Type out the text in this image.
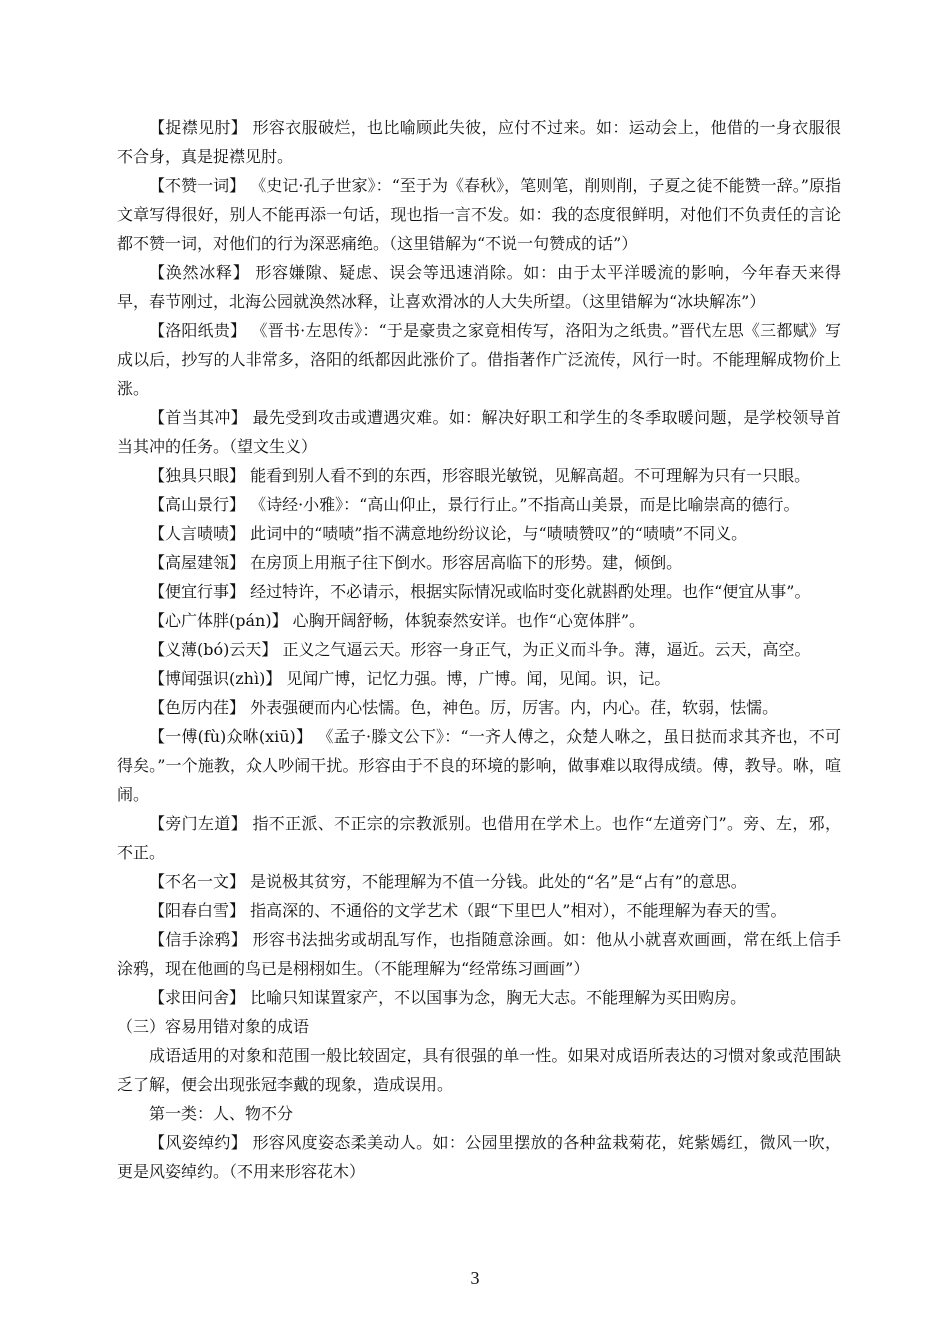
【捉襟见肘】 形容衣服破烂，也比喻顾此失彼，应付不过来。如：运动会上，他借的一身衣服很不合身，真是捉襟见肘。

【不赞一词】 《史记·孔子世家》：“至于为《春秋》，笔则笔，削则削，子夏之徒不能赞一辞。”原指文章写得很好，别人不能再添一句话，现也指一言不发。如：我的态度很鲜明，对他们不负责任的言论都不赞一词，对他们的行为深恶痛绝。（这里错解为“不说一句赞成的话”）

【涣然冰释】 形容嫌隙、疑虑、误会等迅速消除。如：由于太平洋暖流的影响，今年春天来得早，春节刚过，北海公园就涣然冰释，让喜欢滑冰的人大失所望。（这里错解为“冰块解冻”）

【洛阳纸贵】 《晋书·左思传》：“于是豪贵之家竟相传写，洛阳为之纸贵。”晋代左思《三都赋》写成以后，抄写的人非常多，洛阳的纸都因此涨价了。借指著作广泛流传，风行一时。不能理解成物价上涨。

【首当其冲】 最先受到攻击或遭遇灾难。如：解决好职工和学生的冬季取暖问题，是学校领导首当其冲的任务。（望文生义）

【独具只眼】 能看到别人看不到的东西，形容眼光敏锐，见解高超。不可理解为只有一只眼。

【高山景行】 《诗经·小雅》：“高山仰止，景行行止。”不指高山美景，而是比喻崇高的德行。

【人言啧啧】 此词中的“啧啧”指不满意地纷纷议论，与“啧啧赞叹”的“啧啧”不同义。

【高屋建瓴】 在房顶上用瓶子往下倒水。形容居高临下的形势。建，倾倒。

【便宜行事】 经过特许，不必请示，根据实际情况或临时变化就斟酌处理。也作“便宜从事”。

【心广体胖(pán)】 心胸开阔舒畅，体貌泰然安详。也作“心宽体胖”。

【义薄(bó)云天】 正义之气逼云天。形容一身正气，为正义而斗争。薄，逼近。云天，高空。

【博闻强识(zhì)】 见闻广博，记忆力强。博，广博。闻，见闻。识，记。

【色厉内荏】 外表强硬而内心怯懦。色，神色。厉，厉害。内，内心。荏，软弱，怯懦。

【一傅(fù)众咻(xiū)】 《孟子·滕文公下》：“一齐人傅之，众楚人咻之，虽日挞而求其齐也，不可得矣。”一个施教，众人吵闹干扰。形容由于不良的环境的影响，做事难以取得成绩。傅，教导。咻，喧闹。

【旁门左道】 指不正派、不正宗的宗教派别。也借用在学术上。也作“左道旁门”。旁、左，邪，不正。

【不名一文】 是说极其贫穷，不能理解为不值一分钱。此处的“名”是“占有”的意思。

【阳春白雪】 指高深的、不通俗的文学艺术（跟“下里巴人”相对），不能理解为春天的雪。

【信手涂鸦】 形容书法拙劣或胡乱写作，也指随意涂画。如：他从小就喜欢画画，常在纸上信手涂鸦，现在他画的鸟已是栩栩如生。（不能理解为“经常练习画画”）

【求田问舍】 比喻只知谋置家产，不以国事为念，胸无大志。不能理解为买田购房。

（三）容易用错对象的成语

成语适用的对象和范围一般比较固定，具有很强的单一性。如果对成语所表达的习惯对象或范围缺乏了解，便会出现张冠李戴的现象，造成误用。

第一类：人、物不分

【风姿绰约】 形容风度姿态柔美动人。如：公园里摆放的各种盆栽菊花，姹紫嫣红，微风一吹，更是风姿绰约。（不用来形容花木）

3
